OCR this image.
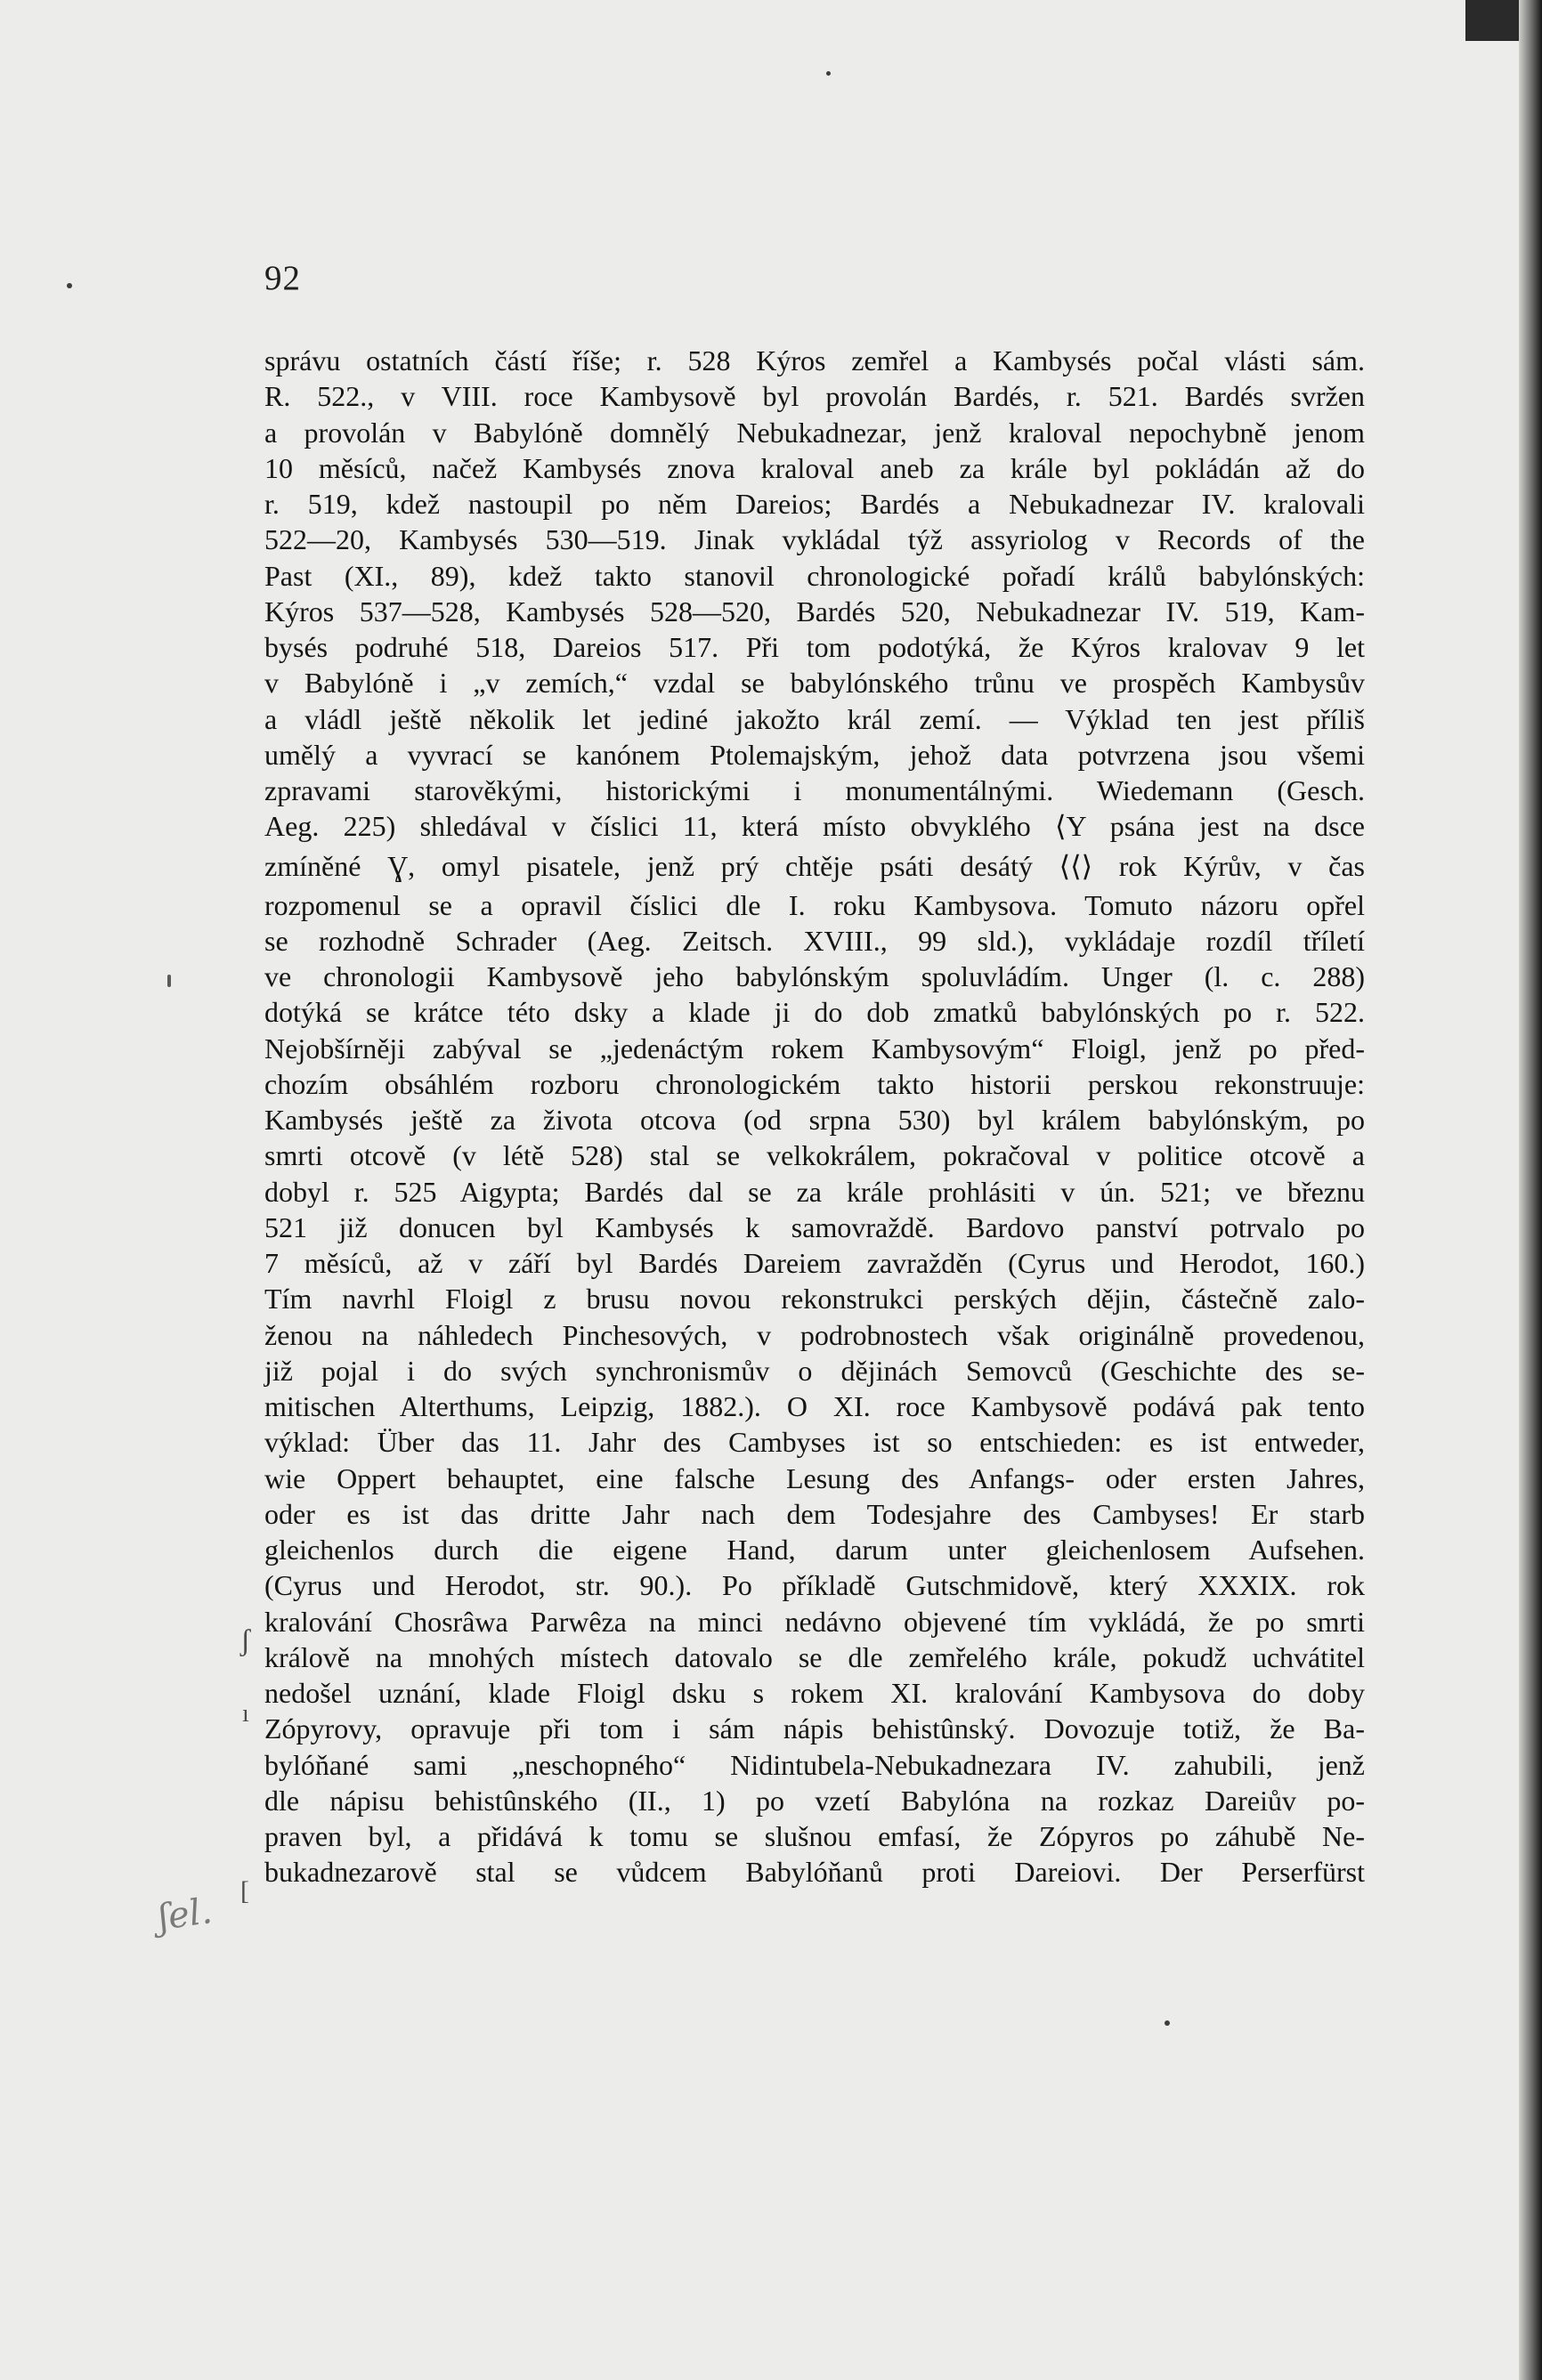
92
správu ostatních částí říše; r. 528 Kýros zemřel a Kambysés počal vlásti sám.
R. 522., v VIII. roce Kambysově byl provolán Bardés, r. 521. Bardés svržen
a provolán v Babylóně domnělý Nebukadnezar, jenž kraloval nepochybně jenom
10 měsíců, načež Kambysés znova kraloval aneb za krále byl pokládán až do
r. 519, kdež nastoupil po něm Dareios; Bardés a Nebukadnezar IV. kralovali
522—20, Kambysés 530—519. Jinak vykládal týž assyriolog v Records of the
Past (XI., 89), kdež takto stanovil chronologické pořadí králů babylónských:
Kýros 537—528, Kambysés 528—520, Bardés 520, Nebukadnezar IV. 519, Kam-
bysés podruhé 518, Dareios 517. Při tom podotýká, že Kýros kralovav 9 let
v Babylóně i „v zemích,“ vzdal se babylónského trůnu ve prospěch Kambysův
a vládl ještě několik let jediné jakožto král zemí. — Výklad ten jest příliš
umělý a vyvrací se kanónem Ptolemajským, jehož data potvrzena jsou všemi
zpravami starověkými, historickými i monumentálnými. Wiedemann (Gesch.
Aeg. 225) shledával v číslici 11, která místo obvyklého ⟨Y psána jest na dsce
zmíněné Ɣ, omyl pisatele, jenž prý chtěje psáti desátý ⟨⟨⟩ rok Kýrův, v čas
rozpomenul se a opravil číslici dle I. roku Kambysova. Tomuto názoru opřel
se rozhodně Schrader (Aeg. Zeitsch. XVIII., 99 sld.), vykládaje rozdíl tříletí
ve chronologii Kambysově jeho babylónským spoluvládím. Unger (l. c. 288)
dotýká se krátce této dsky a klade ji do dob zmatků babylónských po r. 522.
Nejobšírněji zabýval se „jedenáctým rokem Kambysovým“ Floigl, jenž po před-
chozím obsáhlém rozboru chronologickém takto historii perskou rekonstruuje:
Kambysés ještě za života otcova (od srpna 530) byl králem babylónským, po
smrti otcově (v létě 528) stal se velkokrálem, pokračoval v politice otcově a
dobyl r. 525 Aigypta; Bardés dal se za krále prohlásiti v ún. 521; ve březnu
521 již donucen byl Kambysés k samovraždě. Bardovo panství potrvalo po
7 měsíců, až v září byl Bardés Dareiem zavražděn (Cyrus und Herodot, 160.)
Tím navrhl Floigl z brusu novou rekonstrukci perských dějin, částečně zalo-
ženou na náhledech Pinchesových, v podrobnostech však originálně provedenou,
již pojal i do svých synchronismův o dějinách Semovců (Geschichte des se-
mitischen Alterthums, Leipzig, 1882.). O XI. roce Kambysově podává pak tento
výklad: Über das 11. Jahr des Cambyses ist so entschieden: es ist entweder,
wie Oppert behauptet, eine falsche Lesung des Anfangs- oder ersten Jahres,
oder es ist das dritte Jahr nach dem Todesjahre des Cambyses! Er starb
gleichenlos durch die eigene Hand, darum unter gleichenlosem Aufsehen.
(Cyrus und Herodot, str. 90.). Po příkladě Gutschmidově, který XXXIX. rok
kralování Chosrâwa Parwêza na minci nedávno objevené tím vykládá, že po smrti
králově na mnohých místech datovalo se dle zemřelého krále, pokudž uchvátitel
nedošel uznání, klade Floigl dsku s rokem XI. kralování Kambysova do doby
Zópyrovy, opravuje při tom i sám nápis behistûnský. Dovozuje totiž, že Ba-
bylóňané sami „neschopného“ Nidintubela-Nebukadnezara IV. zahubili, jenž
dle nápisu behistûnského (II., 1) po vzetí Babylóna na rozkaz Dareiův po-
praven byl, a přidává k tomu se slušnou emfasí, že Zópyros po záhubě Ne-
bukadnezarově stal se vůdcem Babylóňanů proti Dareiovi. Der Perserfürst
ʃ
ı
[
ʃel.
